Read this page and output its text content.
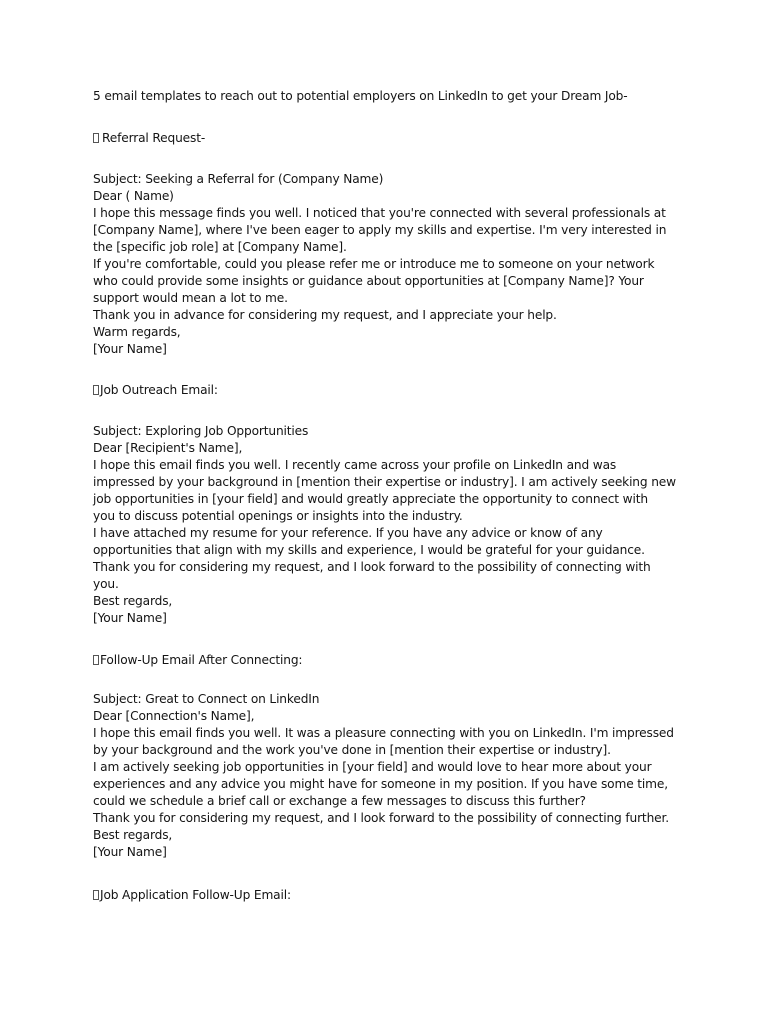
5 email templates to reach out to potential employers on LinkedIn to get your Dream Job-
Referral Request-
Subject: Seeking a Referral for (Company Name)
Dear ( Name)
I hope this message finds you well. I noticed that you're connected with several professionals at
[Company Name], where I've been eager to apply my skills and expertise. I'm very interested in
the [specific job role] at [Company Name].
If you're comfortable, could you please refer me or introduce me to someone on your network
who could provide some insights or guidance about opportunities at [Company Name]? Your
support would mean a lot to me.
Thank you in advance for considering my request, and I appreciate your help.
Warm regards,
[Your Name]
Job Outreach Email:
Subject: Exploring Job Opportunities
Dear [Recipient's Name],
I hope this email finds you well. I recently came across your profile on LinkedIn and was
impressed by your background in [mention their expertise or industry]. I am actively seeking new
job opportunities in [your field] and would greatly appreciate the opportunity to connect with
you to discuss potential openings or insights into the industry.
I have attached my resume for your reference. If you have any advice or know of any
opportunities that align with my skills and experience, I would be grateful for your guidance.
Thank you for considering my request, and I look forward to the possibility of connecting with
you.
Best regards,
[Your Name]
Follow-Up Email After Connecting:
Subject: Great to Connect on LinkedIn
Dear [Connection's Name],
I hope this email finds you well. It was a pleasure connecting with you on LinkedIn. I'm impressed
by your background and the work you've done in [mention their expertise or industry].
I am actively seeking job opportunities in [your field] and would love to hear more about your
experiences and any advice you might have for someone in my position. If you have some time,
could we schedule a brief call or exchange a few messages to discuss this further?
Thank you for considering my request, and I look forward to the possibility of connecting further.
Best regards,
[Your Name]
Job Application Follow-Up Email:
